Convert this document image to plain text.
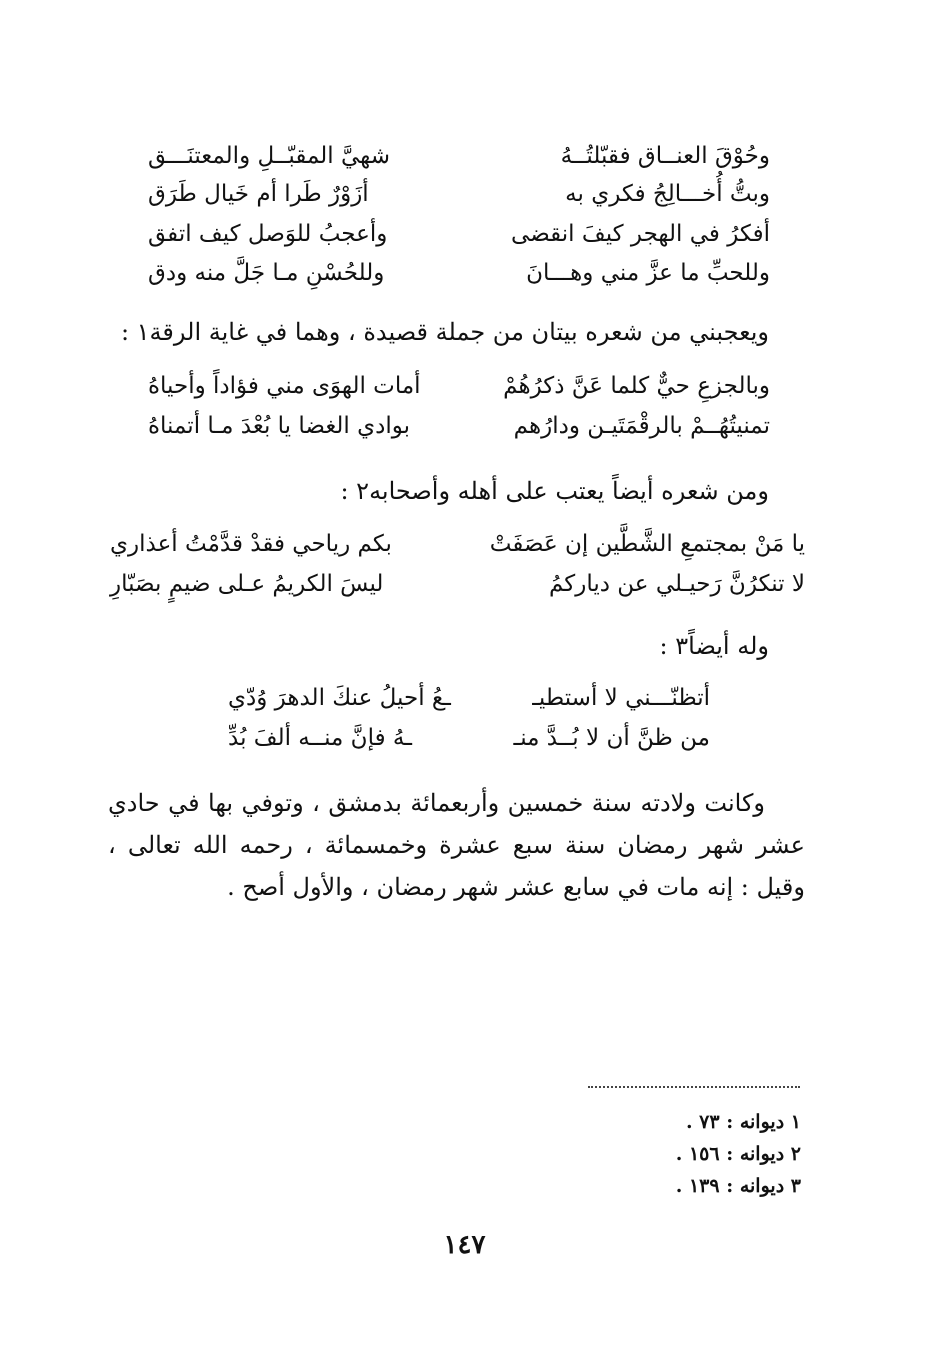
وحُوْقَ العنــاق فقبّلتُــهُ
شهيَّ المقبّــلِ والمعتنَـــق
وبتُّ أُخـــالِجُ فكري به
أزَوْرٌ طَرا أم خَيال طَرَق
أفكرُ في الهجر كيفَ انقضى
وأعجبُ للوَصل كيف اتفق
وللحبِّ ما عزَّ مني وهـــانَ
وللحُسْنِ مـا جَلَّ منه ودق
ويعجبني من شعره بيتان من جملة قصيدة ، وهما في غاية الرقة١ :
وبالجزعِ حيٌّ كلما عَنَّ ذكرُهُمْ
أمات الهوَى مني فؤاداً وأحياهُ
تمنيتُهُــمْ بالرقْمَتَيـن ودارُهم
بوادي الغضا يا بُعْدَ مـا أتمناهُ
ومن شعره أيضاً يعتب على أهله وأصحابه٢ :
يا مَنْ بمجتمعِ الشَّطَّين إن عَصَفَتْ
بكم رياحي فقدْ قدَّمْتُ أعذاري
لا تنكرُنَّ رَحيـلي عن دياركمُ
ليسَ الكريمُ عـلى ضيمٍ بصَبّارِ
وله أيضاً٣ :
أتظنّـــني لا أستطيـ
ـعُ أحيلُ عنكَ الدهرَ وُدّي
من ظنَّ أن لا بُــدَّ منـ
ـهُ فإنَّ منــه ألفَ بُدِّ
وكانت ولادته سنة خمسين وأربعمائة بدمشق ، وتوفي بها في حادي عشر شهر رمضان سنة سبع عشرة وخمسمائة ، رحمه الله تعالى ، وقيل : إنه مات في سابع عشر شهر رمضان ، والأول أصح .
١ ديوانه : ٧٣ .
٢ ديوانه : ١٥٦ .
٣ ديوانه : ١٣٩ .
١٤٧
